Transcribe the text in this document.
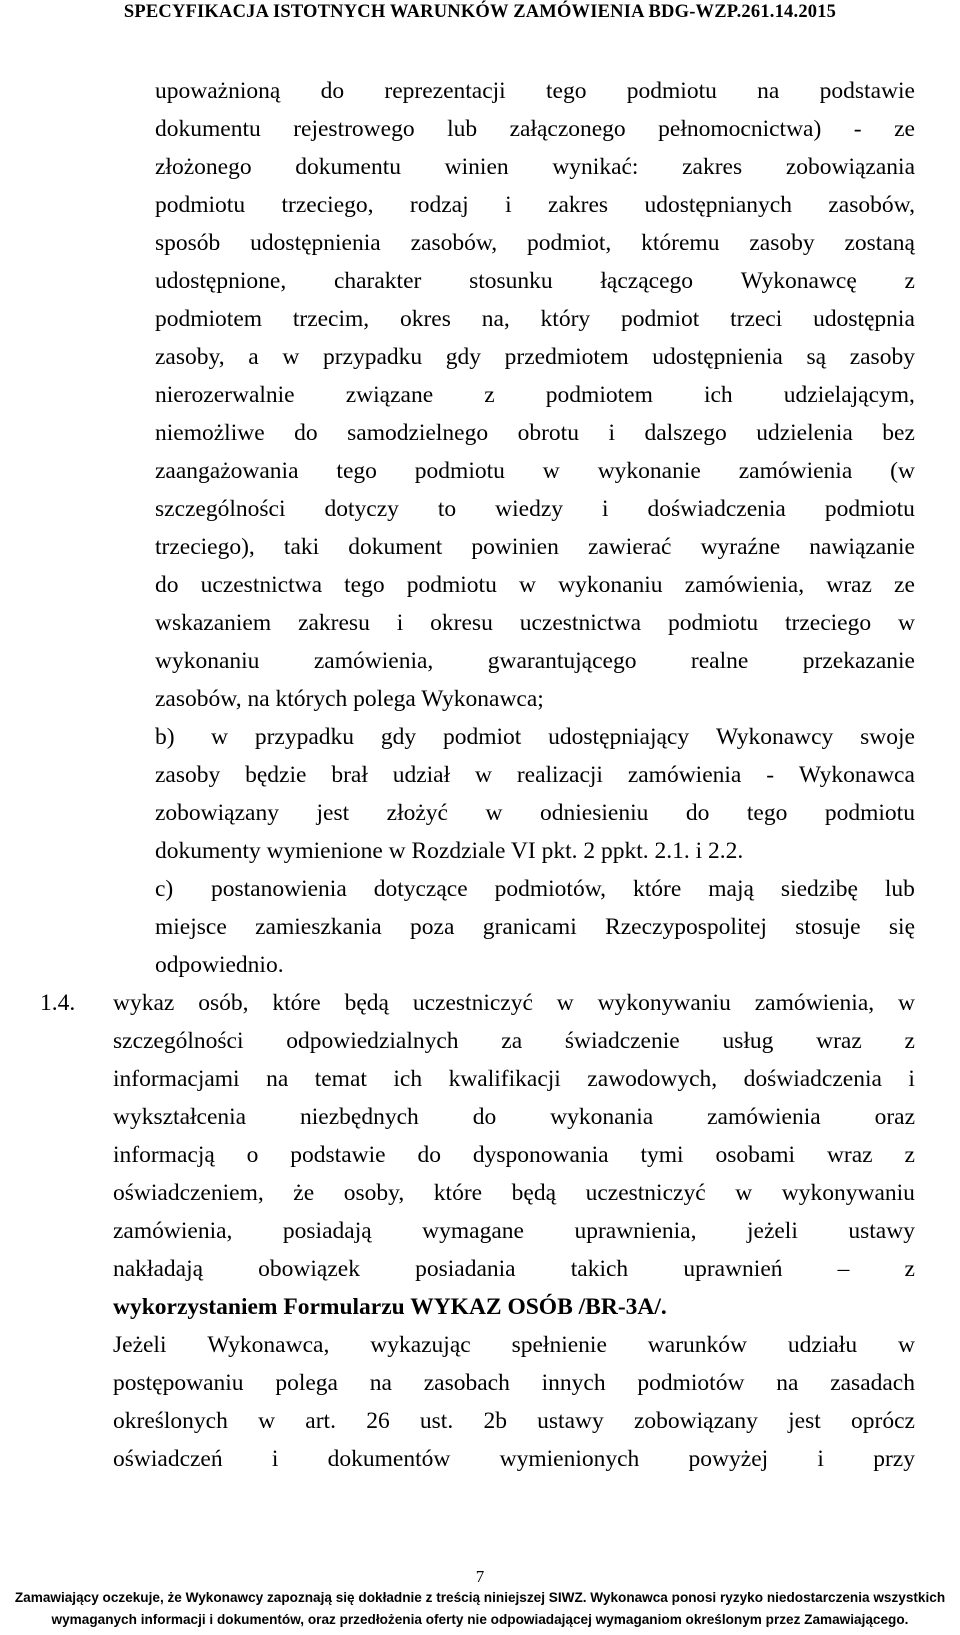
SPECYFIKACJA ISTOTNYCH WARUNKÓW ZAMÓWIENIA BDG-WZP.261.14.2015
upoważnioną do reprezentacji tego podmiotu na podstawie
dokumentu rejestrowego lub załączonego pełnomocnictwa) - ze
złożonego dokumentu winien wynikać: zakres zobowiązania
podmiotu trzeciego, rodzaj i zakres udostępnianych zasobów,
sposób udostępnienia zasobów, podmiot, któremu zasoby zostaną
udostępnione, charakter stosunku łączącego Wykonawcę z
podmiotem trzecim, okres na, który podmiot trzeci udostępnia
zasoby, a w przypadku gdy przedmiotem udostępnienia są zasoby
nierozerwalnie związane z podmiotem ich udzielającym,
niemożliwe do samodzielnego obrotu i dalszego udzielenia bez
zaangażowania tego podmiotu w wykonanie zamówienia (w
szczególności dotyczy to wiedzy i doświadczenia podmiotu
trzeciego), taki dokument powinien zawierać wyraźne nawiązanie
do uczestnictwa tego podmiotu w wykonaniu zamówienia, wraz ze
wskazaniem zakresu i okresu uczestnictwa podmiotu trzeciego w
wykonaniu zamówienia, gwarantującego realne przekazanie
zasobów, na których polega Wykonawca;
b) w przypadku gdy podmiot udostępniający Wykonawcy swoje
zasoby będzie brał udział w realizacji zamówienia - Wykonawca
zobowiązany jest złożyć w odniesieniu do tego podmiotu
dokumenty wymienione w Rozdziale VI pkt. 2 ppkt. 2.1. i 2.2.
c) postanowienia dotyczące podmiotów, które mają siedzibę lub
miejsce zamieszkania poza granicami Rzeczypospolitej stosuje się
odpowiednio.
1.4. wykaz osób, które będą uczestniczyć w wykonywaniu zamówienia, w
szczególności odpowiedzialnych za świadczenie usług wraz z
informacjami na temat ich kwalifikacji zawodowych, doświadczenia i
wykształcenia niezbędnych do wykonania zamówienia oraz
informacją o podstawie do dysponowania tymi osobami wraz z
oświadczeniem, że osoby, które będą uczestniczyć w wykonywaniu
zamówienia, posiadają wymagane uprawnienia, jeżeli ustawy
nakładają obowiązek posiadania takich uprawnień – z
wykorzystaniem Formularzu WYKAZ OSÓB /BR-3A/.
Jeżeli Wykonawca, wykazując spełnienie warunków udziału w
postępowaniu polega na zasobach innych podmiotów na zasadach
określonych w art. 26 ust. 2b ustawy zobowiązany jest oprócz
oświadczeń i dokumentów wymienionych powyżej i przy
7
Zamawiający oczekuje, że Wykonawcy zapoznają się dokładnie z treścią niniejszej SIWZ. Wykonawca ponosi ryzyko niedostarczenia wszystkich
wymaganych informacji i dokumentów, oraz przedłożenia oferty nie odpowiadającej wymaganiom określonym przez Zamawiającego.
